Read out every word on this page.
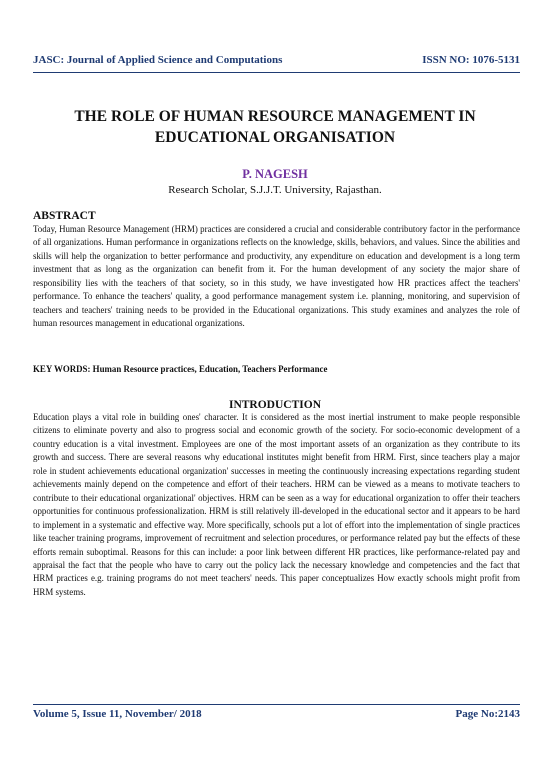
JASC: Journal of Applied Science and Computations	ISSN NO: 1076-5131
THE ROLE OF HUMAN RESOURCE MANAGEMENT IN
EDUCATIONAL ORGANISATION
P. NAGESH
Research Scholar, S.J.J.T. University, Rajasthan.
ABSTRACT
Today, Human Resource Management (HRM) practices are considered a crucial and considerable contributory factor in the performance of all organizations. Human performance in organizations reflects on the knowledge, skills, behaviors, and values. Since the abilities and skills will help the organization to better performance and productivity, any expenditure on education and development is a long term investment that as long as the organization can benefit from it. For the human development of any society the major share of responsibility lies with the teachers of that society, so in this study, we have investigated how HR practices affect the teachers' performance. To enhance the teachers' quality, a good performance management system i.e. planning, monitoring, and supervision of teachers and teachers' training needs to be provided in the Educational organizations. This study examines and analyzes the role of human resources management in educational organizations.
KEY WORDS: Human Resource practices, Education, Teachers Performance
INTRODUCTION
Education plays a vital role in building ones' character. It is considered as the most inertial instrument to make people responsible citizens to eliminate poverty and also to progress social and economic growth of the society. For socio-economic development of a country education is a vital investment. Employees are one of the most important assets of an organization as they contribute to its growth and success. There are several reasons why educational institutes might benefit from HRM. First, since teachers play a major role in student achievements educational organization' successes in meeting the continuously increasing expectations regarding student achievements mainly depend on the competence and effort of their teachers. HRM can be viewed as a means to motivate teachers to contribute to their educational organizational' objectives. HRM can be seen as a way for educational organization to offer their teachers opportunities for continuous professionalization. HRM is still relatively ill-developed in the educational sector and it appears to be hard to implement in a systematic and effective way. More specifically, schools put a lot of effort into the implementation of single practices like teacher training programs, improvement of recruitment and selection procedures, or performance related pay but the effects of these efforts remain suboptimal. Reasons for this can include: a poor link between different HR practices, like performance-related pay and appraisal the fact that the people who have to carry out the policy lack the necessary knowledge and competencies and the fact that HRM practices e.g. training programs do not meet teachers' needs. This paper conceptualizes How exactly schools might profit from HRM systems.
Volume 5, Issue 11, November/ 2018	Page No:2143
